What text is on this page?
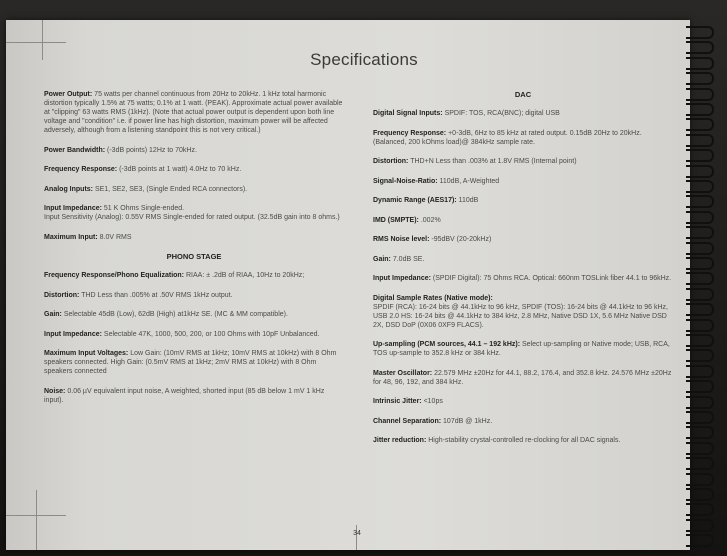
Specifications
Power Output: 75 watts per channel continuous from 20Hz to 20kHz. 1 kHz total harmonic distortion typically 1.5% at 75 watts; 0.1% at 1 watt. (PEAK). Approximate actual power available at "clipping" 63 watts RMS (1kHz). (Note that actual power output is dependent upon both line voltage and "condition" i.e. if power line has high distortion, maximum power will be affected adversely, although from a listening standpoint this is not very critical.)
Power Bandwidth: (-3dB points) 12Hz to 70kHz.
Frequency Response: (-3dB points at 1 watt) 4.0Hz to 70 kHz.
Analog Inputs: SE1, SE2, SE3, (Single Ended RCA connectors).
Input Impedance: 51 K Ohms Single-ended.
Input Sensitivity (Analog): 0.55V RMS Single-ended for rated output. (32.5dB gain into 8 ohms.)
Maximum Input: 8.0V RMS
PHONO STAGE
Frequency Response/Phono Equalization: RIAA: ± .2dB of RIAA, 10Hz to 20kHz;
Distortion: THD Less than .005% at .50V RMS 1kHz output.
Gain: Selectable 45dB (Low), 62dB (High) at1kHz SE. (MC & MM compatible).
Input Impedance: Selectable 47K, 1000, 500, 200, or 100 Ohms with 10pF Unbalanced.
Maximum Input Voltages: Low Gain: (10mV RMS at 1kHz; 10mV RMS at 10kHz) with 8 Ohm speakers connected. High Gain: (0.5mV RMS at 1kHz; 2mV RMS at 10kHz) with 8 Ohm speakers connected
Noise: 0.06 µV equivalent input noise, A weighted, shorted input (85 dB below 1 mV 1 kHz input).
DAC
Digital Signal Inputs: SPDIF: TOS, RCA(BNC); digital USB
Frequency Response: +0-3dB, 6Hz to 85 kHz at rated output. 0.15dB 20Hz to 20kHz. (Balanced, 200 kOhms load)@ 384kHz sample rate.
Distortion: THD+N Less than .003% at 1.8V RMS (Internal point)
Signal-Noise-Ratio: 110dB, A-Weighted
Dynamic Range (AES17): 110dB
IMD (SMPTE): .002%
RMS Noise level: -95dBV (20-20kHz)
Gain: 7.0dB SE.
Input Impedance: (SPDIF Digital): 75 Ohms RCA. Optical: 660nm TOSLink fiber 44.1 to 96kHz.
Digital Sample Rates (Native mode):
SPDIF (RCA): 16-24 bits @ 44.1kHz to 96 kHz, SPDIF (TOS): 16-24 bits @ 44.1kHz to 96 kHz, USB 2.0 HS: 16-24 bits @ 44.1kHz to 384 kHz, 2.8 MHz, Native DSD 1X, 5.6 MHz Native DSD 2X, DSD DoP (0X06 0XF9 FLACS).
Up-sampling (PCM sources, 44.1 – 192 kHz): Select up-sampling or Native mode; USB, RCA, TOS up-sample to 352.8 kHz or 384 kHz.
Master Oscillator: 22.579 MHz ±20Hz for 44.1, 88.2, 176.4, and 352.8 kHz. 24.576 MHz ±20Hz for 48, 96, 192, and 384 kHz.
Intrinsic Jitter: <10ps
Channel Separation: 107dB @ 1kHz.
Jitter reduction: High-stability crystal-controlled re-clocking for all DAC signals.
34
